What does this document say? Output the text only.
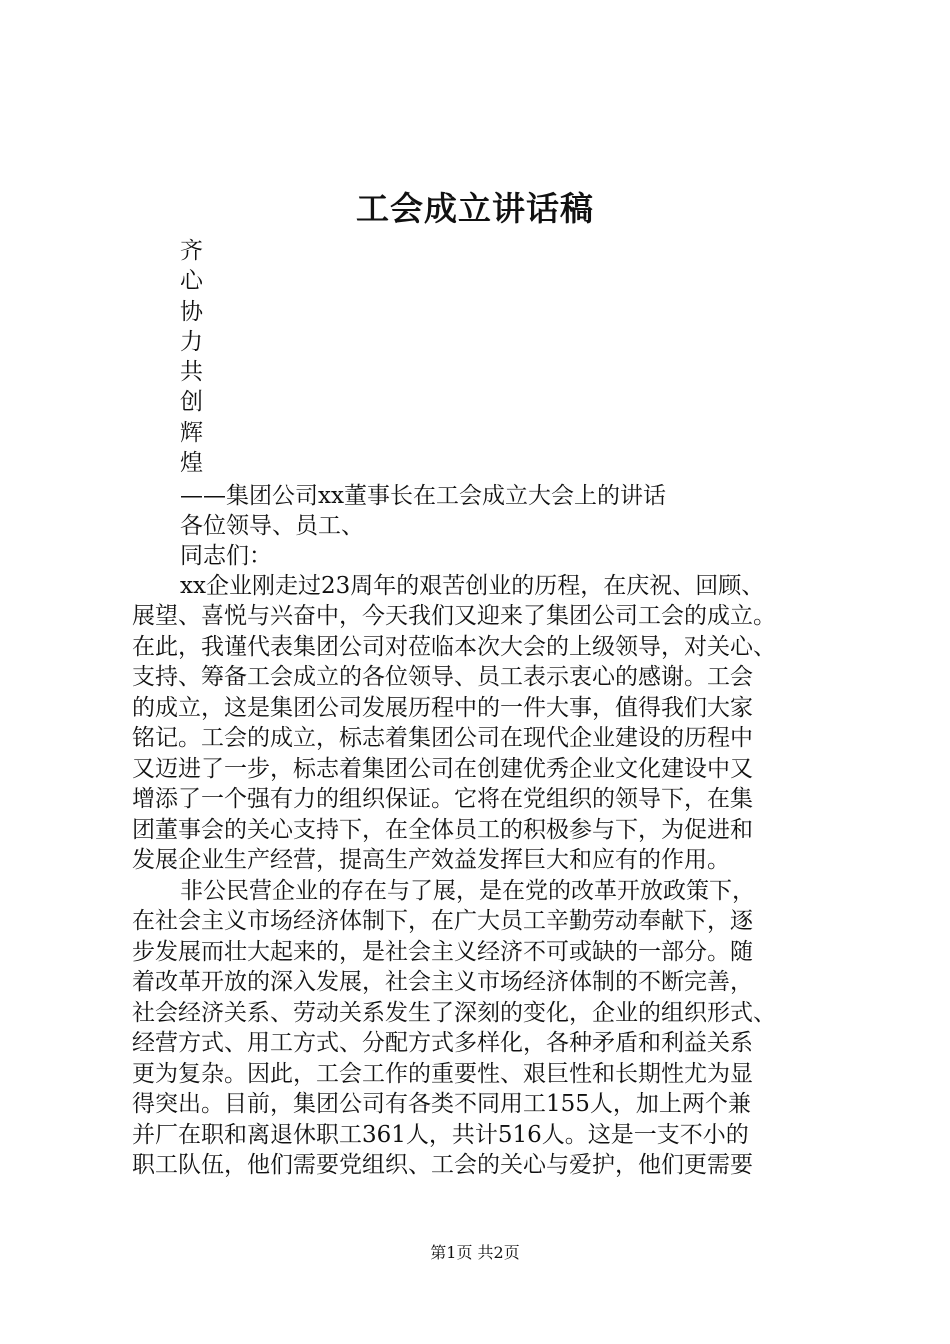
工会成立讲话稿
齐
心
协
力
共
创
辉
煌
——集团公司xx董事长在工会成立大会上的讲话
各位领导、员工、
同志们：
xx企业刚走过23周年的艰苦创业的历程，在庆祝、回顾、
展望、喜悦与兴奋中，今天我们又迎来了集团公司工会的成立。
在此，我谨代表集团公司对莅临本次大会的上级领导，对关心、
支持、筹备工会成立的各位领导、员工表示衷心的感谢。工会
的成立，这是集团公司发展历程中的一件大事，值得我们大家
铭记。工会的成立，标志着集团公司在现代企业建设的历程中
又迈进了一步，标志着集团公司在创建优秀企业文化建设中又
增添了一个强有力的组织保证。它将在党组织的领导下，在集
团董事会的关心支持下，在全体员工的积极参与下，为促进和
发展企业生产经营，提高生产效益发挥巨大和应有的作用。
非公民营企业的存在与了展，是在党的改革开放政策下，
在社会主义市场经济体制下，在广大员工辛勤劳动奉献下，逐
步发展而壮大起来的，是社会主义经济不可或缺的一部分。随
着改革开放的深入发展，社会主义市场经济体制的不断完善，
社会经济关系、劳动关系发生了深刻的变化，企业的组织形式、
经营方式、用工方式、分配方式多样化，各种矛盾和利益关系
更为复杂。因此，工会工作的重要性、艰巨性和长期性尤为显
得突出。目前，集团公司有各类不同用工155人，加上两个兼
并厂在职和离退休职工361人，共计516人。这是一支不小的
职工队伍，他们需要党组织、工会的关心与爱护，他们更需要
第1页 共2页
